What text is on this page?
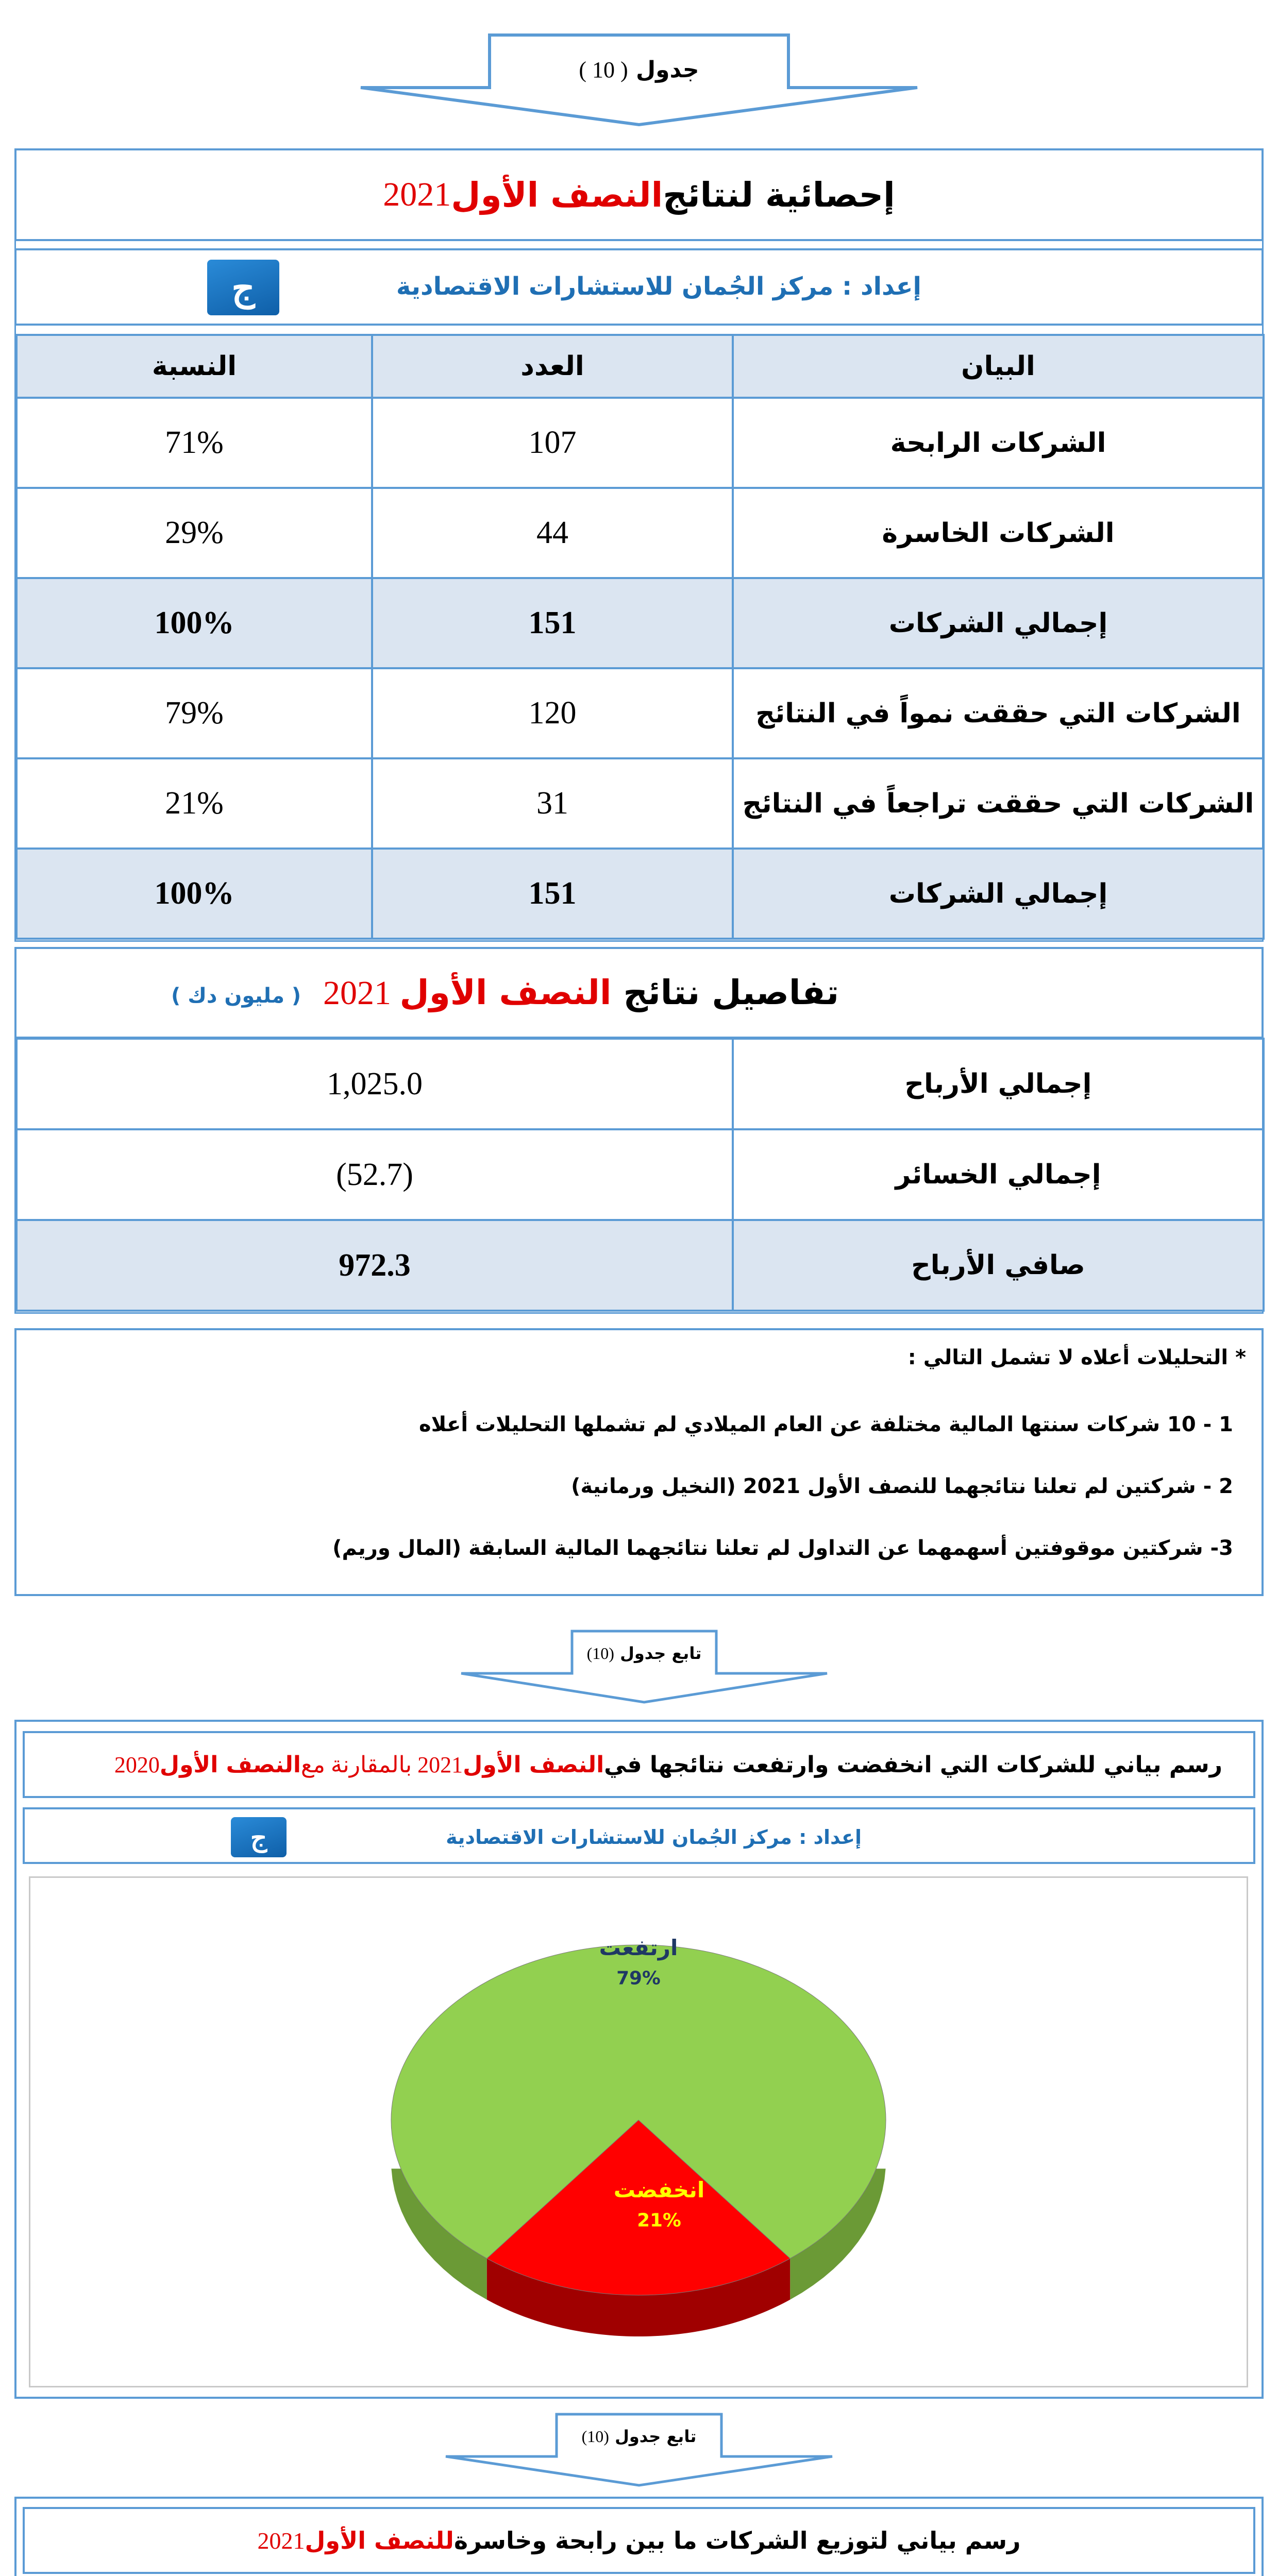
جدول ( 10 )
إحصائية لنتائج
النصف الأول
2021
إعداد : مركز الجُمان للاستشارات الاقتصادية
ج
البيان	العدد	النسبة
الشركات الرابحة	107	71%
الشركات الخاسرة	44	29%
إجمالي الشركات	151	100%
الشركات التي حققت نمواً في النتائج	120	79%
الشركات التي حققت تراجعاً في النتائج	31	21%
إجمالي الشركات	151	100%
تفاصيل نتائج النصف الأول 2021
( مليون دك )
إجمالي الأرباح	1,025.0
إجمالي الخسائر	(52.7)
صافي الأرباح	972.3
* التحليلات أعلاه لا تشمل التالي :
1 - 10 شركات سنتها المالية مختلفة عن العام الميلادي لم تشملها التحليلات أعلاه
2 - شركتين لم تعلنا نتائجهما للنصف الأول 2021 (النخيل ورمانية)
3- شركتين موقوفتين أسهمهما عن التداول لم تعلنا نتائجهما المالية السابقة (المال وريم)
تابع جدول (10)
رسم بياني للشركات التي انخفضت وارتفعت نتائجها في
النصف الأول
2021 بالمقارنة مع
النصف الأول
2020
إعداد : مركز الجُمان للاستشارات الاقتصادية
ج
ارتفعت
79%
انخفضت
21%
تابع جدول (10)
رسم بياني لتوزيع الشركات ما بين رابحة وخاسرة
للنصف الأول
2021
